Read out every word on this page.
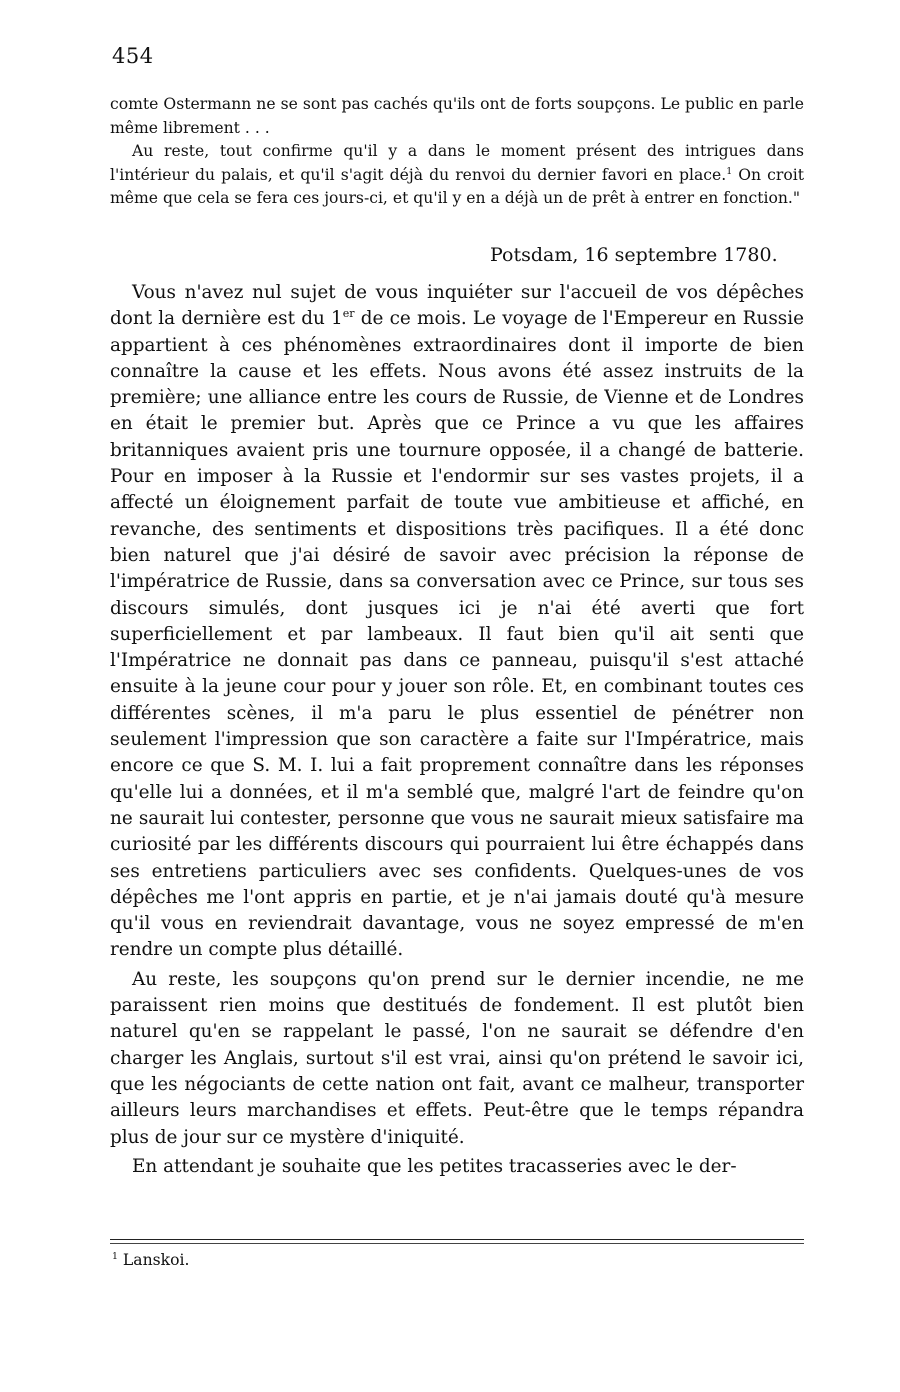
454

comte Ostermann ne se sont pas cachés qu'ils ont de forts soupçons. Le public en parle même librement . . .

Au reste, tout confirme qu'il y a dans le moment présent des intrigues dans l'intérieur du palais, et qu'il s'agit déjà du renvoi du dernier favori en place.$^1$ On croit même que cela se fera ces jours-ci, et qu'il y en a déjà un de prêt à entrer en fonction."

Potsdam, 16 septembre 1780.

Vous n'avez nul sujet de vous inquiéter sur l'accueil de vos dépêches dont la dernière est du 1er de ce mois. Le voyage de l'Empereur en Russie appartient à ces phénomènes extraordinaires dont il importe de bien connaître la cause et les effets. Nous avons été assez instruits de la première; une alliance entre les cours de Russie, de Vienne et de Londres en était le premier but. Après que ce Prince a vu que les affaires britanniques avaient pris une tournure opposée, il a changé de batterie. Pour en imposer à la Russie et l'endormir sur ses vastes projets, il a affecté un éloignement parfait de toute vue ambitieuse et affiché, en revanche, des sentiments et dispositions très pacifiques. Il a été donc bien naturel que j'ai désiré de savoir avec précision la réponse de l'impératrice de Russie, dans sa conversation avec ce Prince, sur tous ses discours simulés, dont jusques ici je n'ai été averti que fort superficiellement et par lambeaux. Il faut bien qu'il ait senti que l'Impératrice ne donnait pas dans ce panneau, puisqu'il s'est attaché ensuite à la jeune cour pour y jouer son rôle. Et, en combinant toutes ces différentes scènes, il m'a paru le plus essentiel de pénétrer non seulement l'impression que son caractère a faite sur l'Impératrice, mais encore ce que S. M. I. lui a fait proprement connaître dans les réponses qu'elle lui a données, et il m'a semblé que, malgré l'art de feindre qu'on ne saurait lui contester, personne que vous ne saurait mieux satisfaire ma curiosité par les différents discours qui pourraient lui être échappés dans ses entretiens particuliers avec ses confidents. Quelques-unes de vos dépêches me l'ont appris en partie, et je n'ai jamais douté qu'à mesure qu'il vous en reviendrait davantage, vous ne soyez empressé de m'en rendre un compte plus détaillé.

Au reste, les soupçons qu'on prend sur le dernier incendie, ne me paraissent rien moins que destitués de fondement. Il est plutôt bien naturel qu'en se rappelant le passé, l'on ne saurait se défendre d'en charger les Anglais, surtout s'il est vrai, ainsi qu'on prétend le savoir ici, que les négociants de cette nation ont fait, avant ce malheur, transporter ailleurs leurs marchandises et effets. Peut-être que le temps répandra plus de jour sur ce mystère d'iniquité.

En attendant je souhaite que les petites tracasseries avec le der-

$^1$ Lanskoi.
